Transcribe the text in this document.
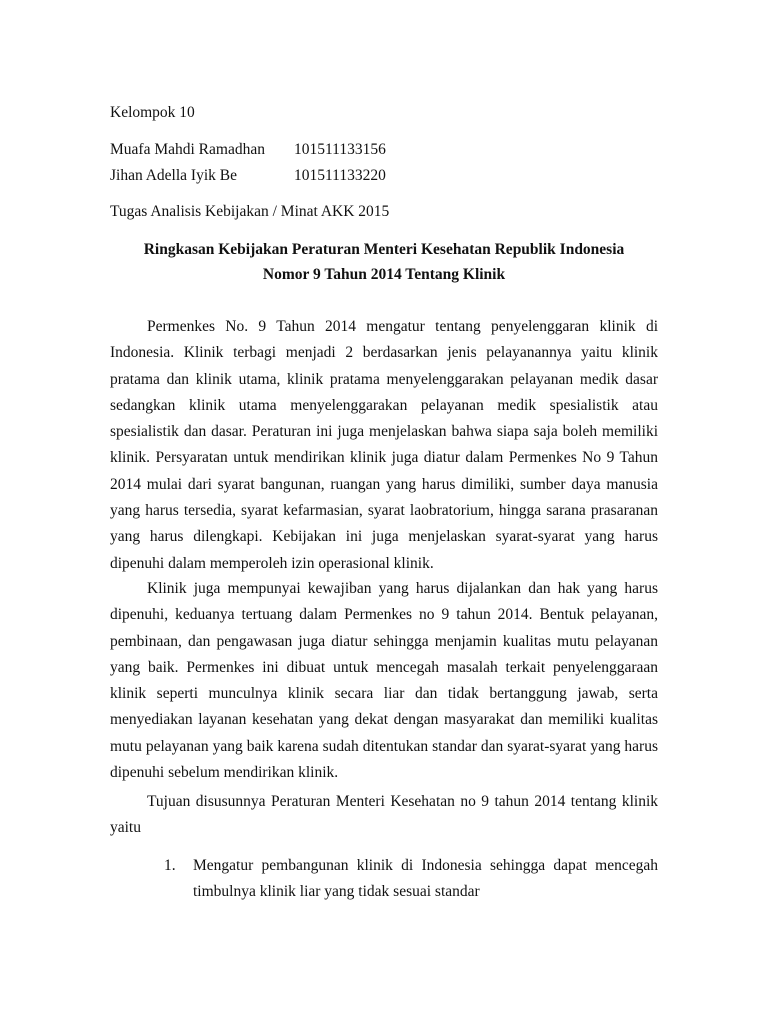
Kelompok 10
Muafa Mahdi Ramadhan 101511133156
Jihan Adella Iyik Be	101511133220
Tugas Analisis Kebijakan / Minat AKK 2015
Ringkasan Kebijakan Peraturan Menteri Kesehatan Republik Indonesia
Nomor 9 Tahun 2014 Tentang Klinik

Permenkes No. 9 Tahun 2014 mengatur tentang penyelenggaran klinik di Indonesia. Klinik terbagi menjadi 2 berdasarkan jenis pelayanannya yaitu klinik pratama dan klinik utama, klinik pratama menyelenggarakan pelayanan medik dasar sedangkan klinik utama menyelenggarakan pelayanan medik spesialistik atau spesialistik dan dasar. Peraturan ini juga menjelaskan bahwa siapa saja boleh memiliki klinik. Persyaratan untuk mendirikan klinik juga diatur dalam Permenkes No 9 Tahun 2014 mulai dari syarat bangunan, ruangan yang harus dimiliki, sumber daya manusia yang harus tersedia, syarat kefarmasian, syarat laobratorium, hingga sarana prasaranan yang harus dilengkapi. Kebijakan ini juga menjelaskan syarat-syarat yang harus dipenuhi dalam memperoleh izin operasional klinik.

Klinik juga mempunyai kewajiban yang harus dijalankan dan hak yang harus dipenuhi, keduanya tertuang dalam Permenkes no 9 tahun 2014. Bentuk pelayanan, pembinaan, dan pengawasan juga diatur sehingga menjamin kualitas mutu pelayanan yang baik. Permenkes ini dibuat untuk mencegah masalah terkait penyelenggaraan klinik seperti munculnya klinik secara liar dan tidak bertanggung jawab, serta menyediakan layanan kesehatan yang dekat dengan masyarakat dan memiliki kualitas mutu pelayanan yang baik karena sudah ditentukan standar dan syarat-syarat yang harus dipenuhi sebelum mendirikan klinik.

Tujuan disusunnya Peraturan Menteri Kesehatan no 9 tahun 2014 tentang klinik yaitu

1. Mengatur pembangunan klinik di Indonesia sehingga dapat mencegah timbulnya klinik liar yang tidak sesuai standar
